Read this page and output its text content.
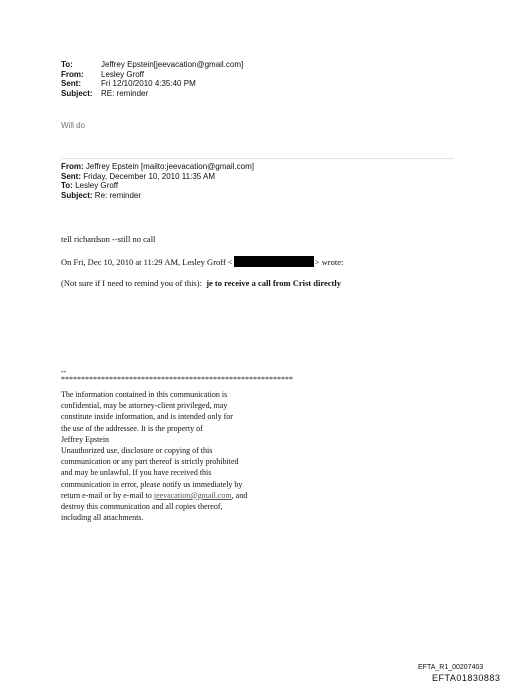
To:	Jeffrey Epstein[jeevacation@gmail.com]
From:	Lesley Groff
Sent:	Fri 12/10/2010 4:35:40 PM
Subject:	RE: reminder
Will do
From: Jeffrey Epstein [mailto:jeevacation@gmail.com]
Sent: Friday, December 10, 2010 11:35 AM
To: Lesley Groff
Subject: Re: reminder
tell richardson --still no call
On Fri, Dec 10, 2010 at 11:29 AM, Lesley Groff <	> wrote:
(Not sure if I need to remind you of this): je to receive a call from Crist directly
--
**********************************************************
The information contained in this communication is
confidential, may be attorney-client privileged, may
constitute inside information, and is intended only for
the use of the addressee. It is the property of
Jeffrey Epstein
Unauthorized use, disclosure or copying of this
communication or any part thereof is strictly prohibited
and may be unlawful. If you have received this
communication in error, please notify us immediately by
return e-mail or by e-mail to jeevacation@gmail.com, and
destroy this communication and all copies thereof,
including all attachments.
EFTA_R1_00207403
EFTA01830883
